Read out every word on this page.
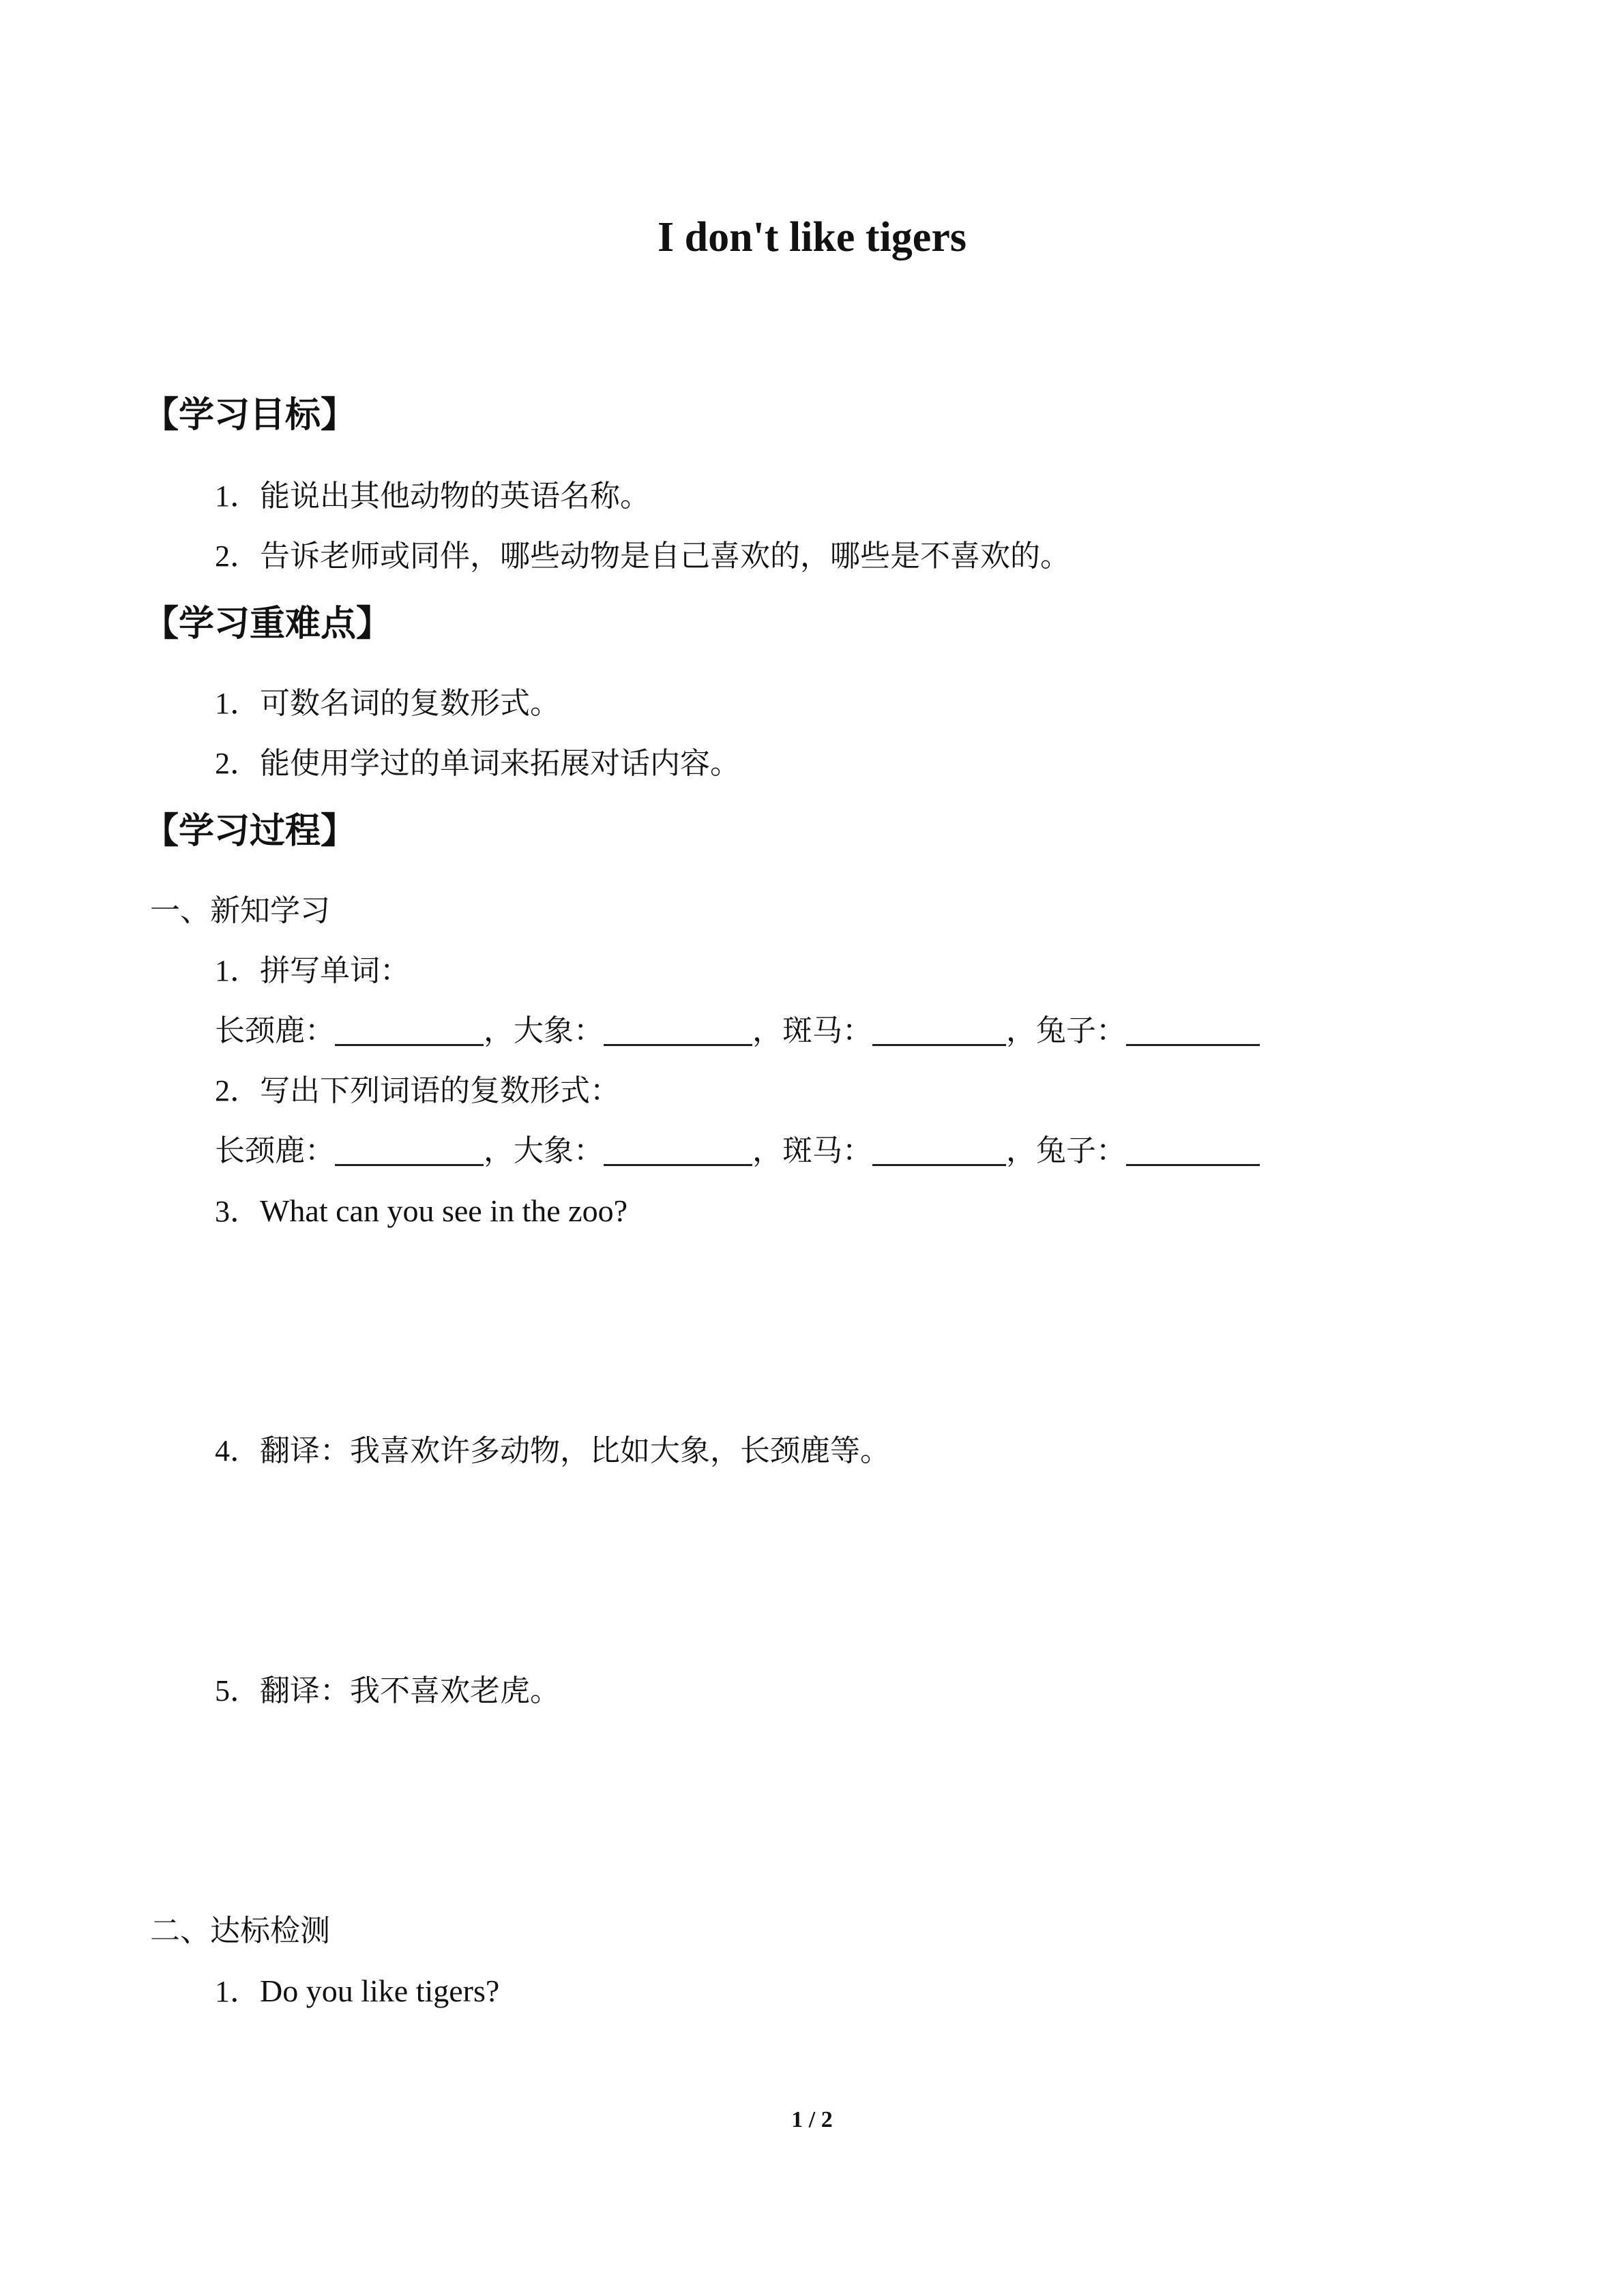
I don't like tigers
【学习目标】
1．能说出其他动物的英语名称。
2．告诉老师或同伴，哪些动物是自己喜欢的，哪些是不喜欢的。
【学习重难点】
1．可数名词的复数形式。
2．能使用学过的单词来拓展对话内容。
【学习过程】
一、新知学习
1．拼写单词：
长颈鹿：	，大象：	，斑马：	，兔子：
2．写出下列词语的复数形式：
长颈鹿：	，大象：	，斑马：	，兔子：
3．What can you see in the zoo?
4．翻译：我喜欢许多动物，比如大象，长颈鹿等。
5．翻译：我不喜欢老虎。
二、达标检测
1．Do you like tigers?
1 / 2
